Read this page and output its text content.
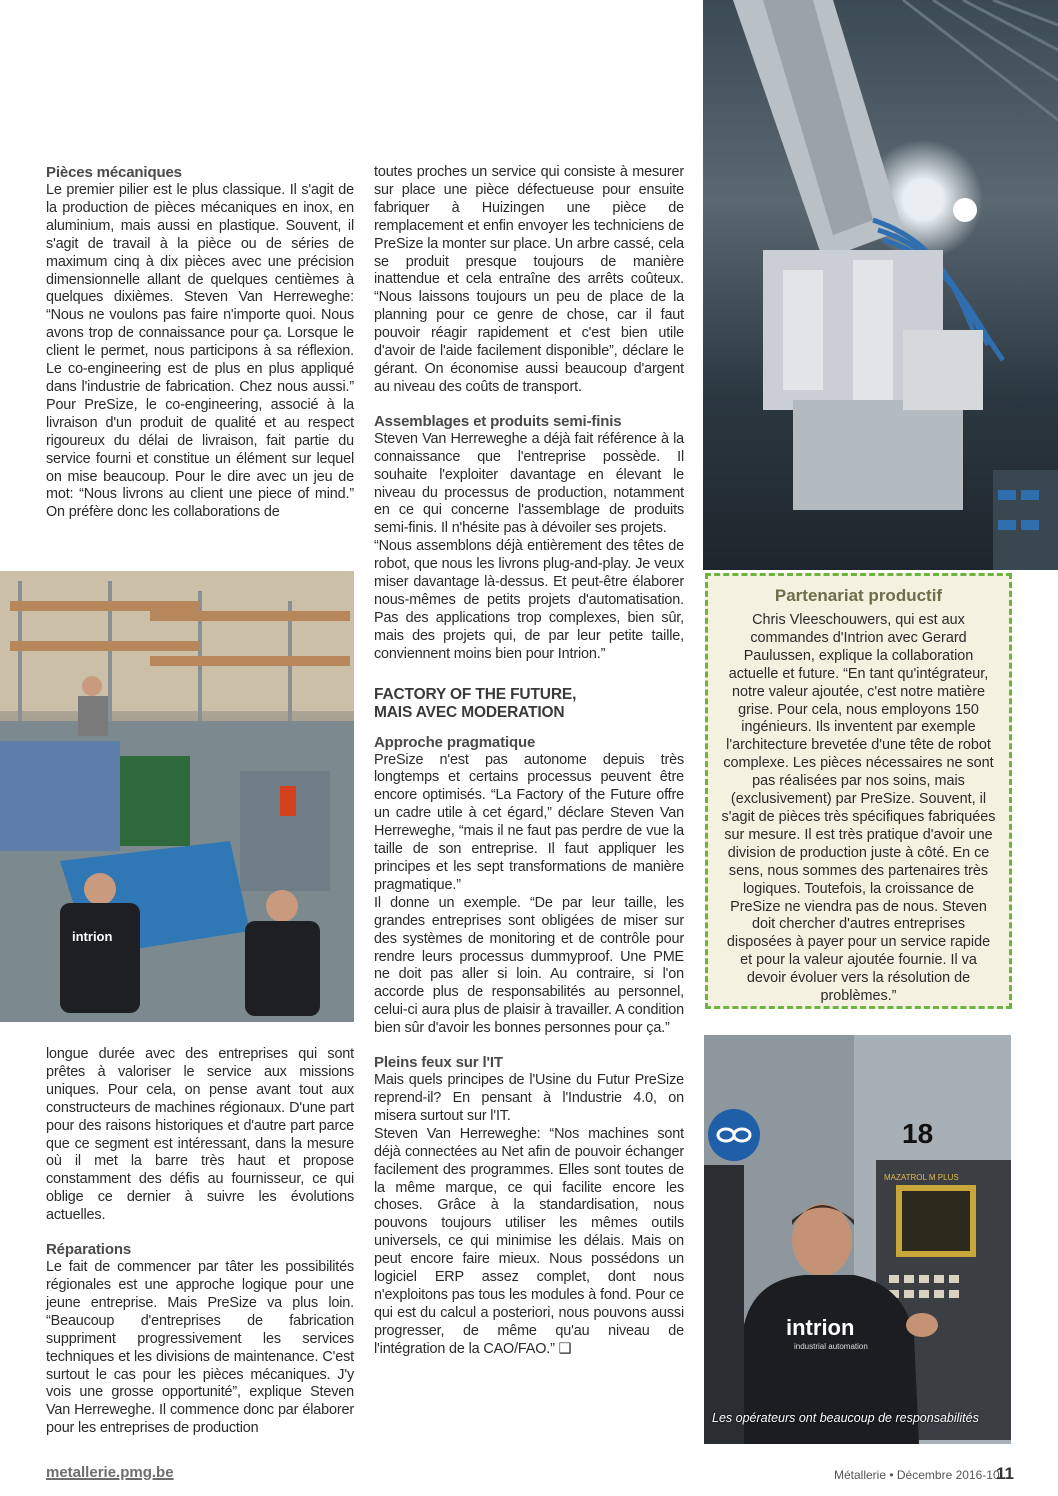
Pièces mécaniques

Le premier pilier est le plus classique. Il s'agit de la production de pièces mécaniques en inox, en aluminium, mais aussi en plastique. Souvent, il s'agit de travail à la pièce ou de séries de maximum cinq à dix pièces avec une précision dimensionnelle allant de quelques centièmes à quelques dixièmes. Steven Van Herreweghe: “Nous ne voulons pas faire n'importe quoi. Nous avons trop de connaissance pour ça. Lorsque le client le permet, nous participons à sa réflexion. Le co-engineering est de plus en plus appliqué dans l'industrie de fabrication. Chez nous aussi.” Pour PreSize, le co-engineering, associé à la livraison d'un produit de qualité et au respect rigoureux du délai de livraison, fait partie du service fourni et constitue un élément sur lequel on mise beaucoup. Pour le dire avec un jeu de mot: “Nous livrons au client une piece of mind.” On préfère donc les collaborations de

intrion

longue durée avec des entreprises qui sont prêtes à valoriser le service aux missions uniques. Pour cela, on pense avant tout aux constructeurs de machines régionaux. D'une part pour des raisons historiques et d'autre part parce que ce segment est intéressant, dans la mesure où il met la barre très haut et propose constamment des défis au fournisseur, ce qui oblige ce dernier à suivre les évolutions actuelles.

Réparations

Le fait de commencer par tâter les possibilités régionales est une approche logique pour une jeune entreprise. Mais PreSize va plus loin. “Beaucoup d'entreprises de fabrication suppriment progressivement les services techniques et les divisions de maintenance. C'est surtout le cas pour les pièces mécaniques. J'y vois une grosse opportunité”, explique Steven Van Herreweghe. Il commence donc par élaborer pour les entreprises de production

toutes proches un service qui consiste à mesurer sur place une pièce défectueuse pour ensuite fabriquer à Huizingen une pièce de remplacement et enfin envoyer les techniciens de PreSize la monter sur place. Un arbre cassé, cela se produit presque toujours de manière inattendue et cela entraîne des arrêts coûteux. “Nous laissons toujours un peu de place de la planning pour ce genre de chose, car il faut pouvoir réagir rapidement et c'est bien utile d'avoir de l'aide facilement disponible”, déclare le gérant. On économise aussi beaucoup d'argent au niveau des coûts de transport.

Assemblages et produits semi-finis

Steven Van Herreweghe a déjà fait référence à la connaissance que l'entreprise possède. Il souhaite l'exploiter davantage en élevant le niveau du processus de production, notamment en ce qui concerne l'assemblage de produits semi-finis. Il n'hésite pas à dévoiler ses projets.

“Nous assemblons déjà entièrement des têtes de robot, que nous les livrons plug-and-play. Je veux miser davantage là-dessus. Et peut-être élaborer nous-mêmes de petits projets d'automatisation. Pas des applications trop complexes, bien sûr, mais des projets qui, de par leur petite taille, conviennent moins bien pour Intrion.”

FACTORY OF THE FUTURE,

MAIS AVEC MODERATION

Approche pragmatique

PreSize n'est pas autonome depuis très longtemps et certains processus peuvent être encore optimisés. “La Factory of the Future offre un cadre utile à cet égard,” déclare Steven Van Herreweghe, “mais il ne faut pas perdre de vue la taille de son entreprise. Il faut appliquer les principes et les sept transformations de manière pragmatique.”

Il donne un exemple. “De par leur taille, les grandes entreprises sont obligées de miser sur des systèmes de monitoring et de contrôle pour rendre leurs processus dummyproof. Une PME ne doit pas aller si loin. Au contraire, si l'on accorde plus de responsabilités au personnel, celui-ci aura plus de plaisir à travailler. A condition bien sûr d'avoir les bonnes personnes pour ça.”

Pleins feux sur l'IT

Mais quels principes de l'Usine du Futur PreSize reprend-il? En pensant à l'Industrie 4.0, on misera surtout sur l'IT.

Steven Van Herreweghe: “Nos machines sont déjà connectées au Net afin de pouvoir échanger facilement des programmes. Elles sont toutes de la même marque, ce qui facilite encore les choses. Grâce à la standardisation, nous pouvons toujours utiliser les mêmes outils universels, ce qui minimise les délais. Mais on peut encore faire mieux. Nous possédons un logiciel ERP assez complet, dont nous n'exploitons pas tous les modules à fond. Pour ce qui est du calcul a posteriori, nous pouvons aussi progresser, de même qu'au niveau de l'intégration de la CAO/FAO.” ❑

Partenariat productif
Chris Vleeschouwers, qui est aux commandes d'Intrion avec Gerard Paulussen, explique la collaboration actuelle et future. “En tant qu'intégrateur, notre valeur ajoutée, c'est notre matière grise. Pour cela, nous employons 150 ingénieurs. Ils inventent par exemple l'architecture brevetée d'une tête de robot complexe. Les pièces nécessaires ne sont pas réalisées par nos soins, mais (exclusivement) par PreSize. Souvent, il s'agit de pièces très spécifiques fabriquées sur mesure. Il est très pratique d'avoir une division de production juste à côté. En ce sens, nous sommes des partenaires très logiques. Toutefois, la croissance de PreSize ne viendra pas de nous. Steven doit chercher d'autres entreprises disposées à payer pour un service rapide et pour la valeur ajoutée fournie. Il va devoir évoluer vers la résolution de problèmes.”
18
MAZATROL M PLUS
intrion
industrial automation
Les opérateurs ont beaucoup de responsabilités
metallerie.pmg.be	Métallerie • Décembre 2016-10
11
